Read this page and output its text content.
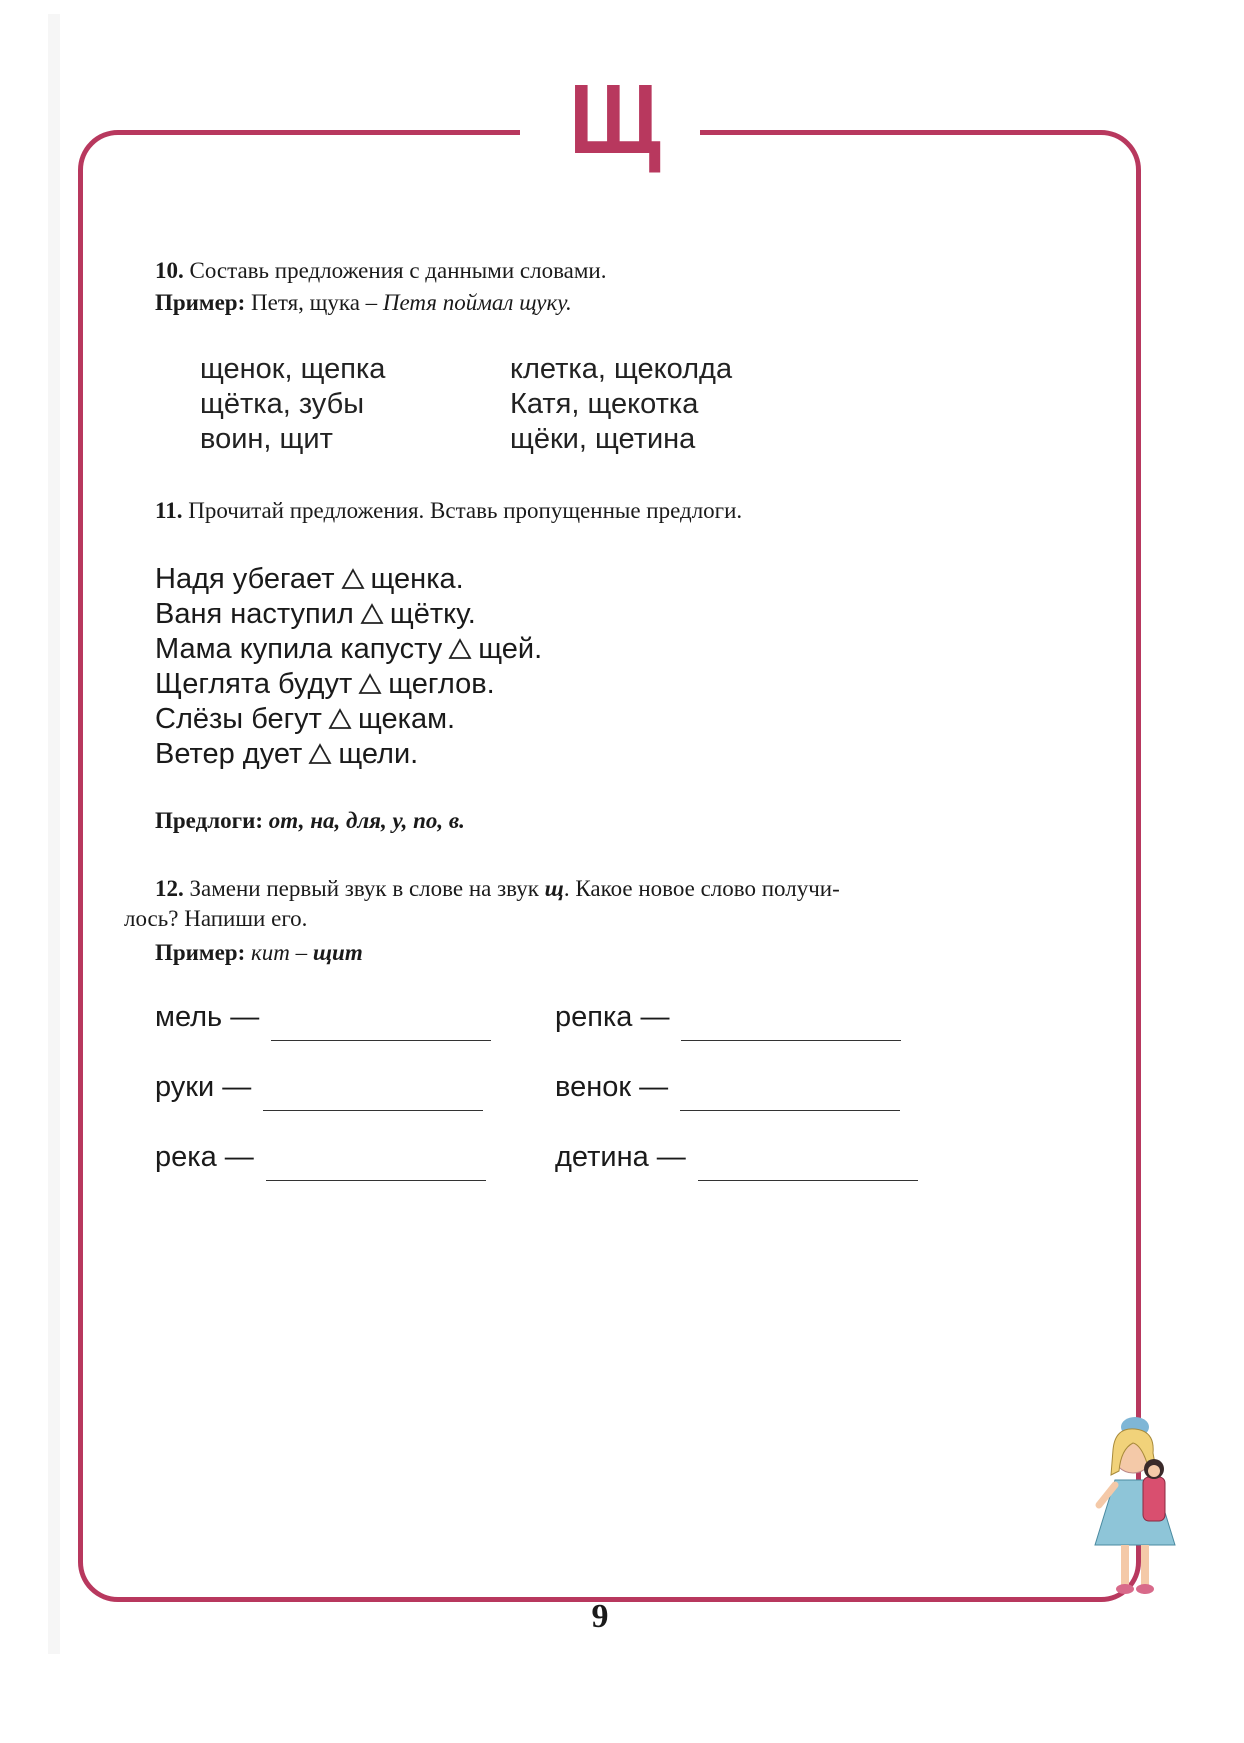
Щ
10. Составь предложения с данными словами.
Пример: Петя, щука – Петя поймал щуку.
щенок, щепка	клетка, щеколда
щётка, зубы	Катя, щекотка
воин, щит	щёки, щетина
11. Прочитай предложения. Вставь пропущенные предлоги.
Надя убегает щенка.
Ваня наступил щётку.
Мама купила капусту щей.
Щеглята будут щеглов.
Слёзы бегут щекам.
Ветер дует щели.
Предлоги: от, на, для, у, по, в.
12. Замени первый звук в слове на звук щ. Какое новое слово получи-
лось? Напиши его.
Пример: кит – щит
мель —	репка —
руки —	венок —
река —	детина —
9
